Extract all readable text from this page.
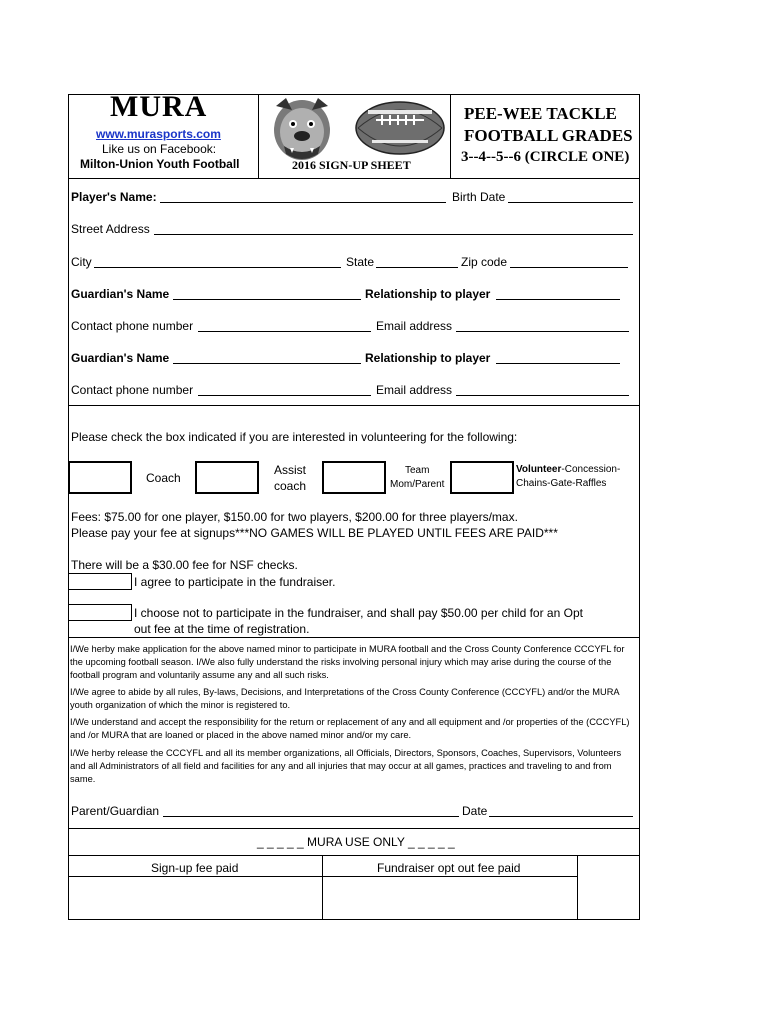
MURA
www.murasports.com
Like us on Facebook:
Milton-Union Youth Football	2016 SIGN-UP SHEET
PEE-WEE TACKLE
FOOTBALL GRADES
3--4--5--6 (CIRCLE ONE)
Player's Name:	Birth Date
Street Address
City	State	Zip code
Guardian's Name	Relationship to player
Contact phone number	Email address
Guardian's Name	Relationship to player
Contact phone number	Email address
Please check the box indicated if you are interested in volunteering for the following:
Coach
Assist
coach
Team
Mom/Parent
Volunteer-Concession-
Chains-Gate-Raffles
Fees: $75.00 for one player, $150.00 for two players, $200.00 for three players/max.
Please pay your fee at signups***NO GAMES WILL BE PLAYED UNTIL FEES ARE PAID***
There will be a $30.00 fee for NSF checks.
I agree to participate in the fundraiser.
I choose not to participate in the fundraiser, and shall pay $50.00 per child for an Opt
out fee at the time of registration.
I/We herby make application for the above named minor to participate in MURA football and the Cross County Conference CCCYFL for the upcoming football season. I/We also fully understand the risks involving personal injury which may arise during the course of the football program and voluntarily assume any and all such risks.
I/We agree to abide by all rules, By-laws, Decisions, and Interpretations of the Cross County Conference (CCCYFL) and/or the MURA youth organization of which the minor is registered to.
I/We understand and accept the responsibility for the return or replacement of any and all equipment and /or properties of the (CCCYFL) and /or MURA that are loaned or placed in the above named minor and/or my care.
I/We herby release the CCCYFL and all its member organizations, all Officials, Directors, Sponsors, Coaches, Supervisors, Volunteers and all Administrators of all field and facilities for any and all injuries that may occur at all games, practices and traveling to and from same.
Parent/Guardian	Date
_ _ _ _ _ MURA USE ONLY _ _ _ _ _
Sign-up fee paid	Fundraiser opt out fee paid
